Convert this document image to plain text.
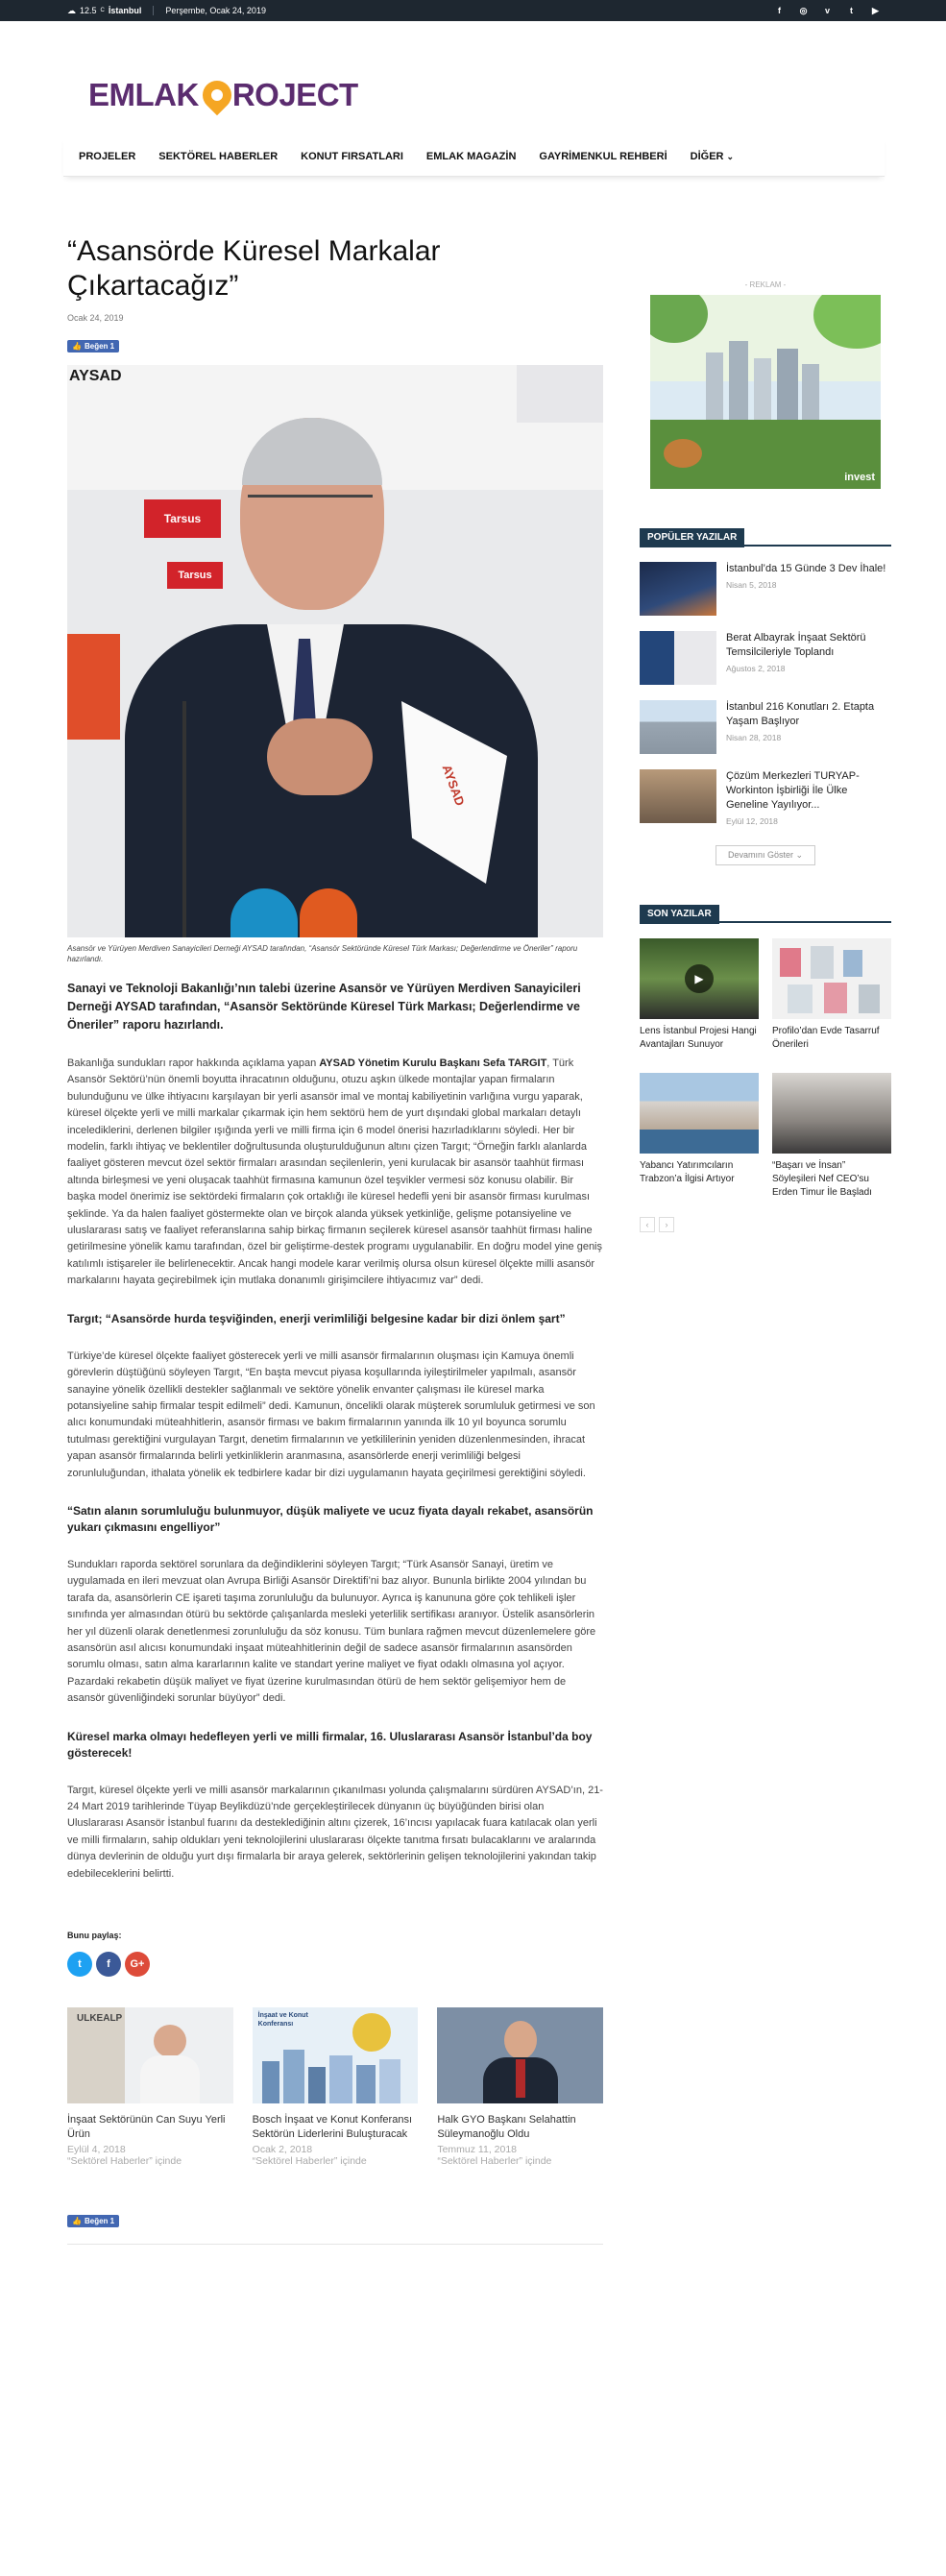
☁ 12.5 C İstanbul	Perşembe, Ocak 24, 2019	f	◎	v	t	▶
EMLAK ROJECT
PROJELER SEKTÖREL HABERLER KONUT FIRSATLARI EMLAK MAGAZİN GAYRİMENKUL REHBERİ DİĞER ⌄
“Asansörde Küresel Markalar Çıkartacağız”
Ocak 24, 2019
👍 Beğen 1
AYSAD
Tarsus
Tarsus
AYSAD
Asansör ve Yürüyen Merdiven Sanayicileri Derneği AYSAD tarafından, “Asansör Sektöründe Küresel Türk Markası; Değerlendirme ve Öneriler” raporu hazırlandı.

Sanayi ve Teknoloji Bakanlığı’nın talebi üzerine Asansör ve Yürüyen Merdiven Sanayicileri Derneği AYSAD tarafından, “Asansör Sektöründe Küresel Türk Markası; Değerlendirme ve Öneriler” raporu hazırlandı.

Bakanlığa sundukları rapor hakkında açıklama yapan AYSAD Yönetim Kurulu Başkanı Sefa TARGIT, Türk Asansör Sektörü’nün önemli boyutta ihracatının olduğunu, otuzu aşkın ülkede montajlar yapan firmaların bulunduğunu ve ülke ihtiyacını karşılayan bir yerli asansör imal ve montaj kabiliyetinin varlığına vurgu yaparak, küresel ölçekte yerli ve milli markalar çıkarmak için hem sektörü hem de yurt dışındaki global markaları detaylı incelediklerini, derlenen bilgiler ışığında yerli ve milli firma için 6 model önerisi hazırladıklarını söyledi. Her bir modelin, farklı ihtiyaç ve beklentiler doğrultusunda oluşturulduğunun altını çizen Targıt; “Örneğin farklı alanlarda faaliyet gösteren mevcut özel sektör firmaları arasından seçilenlerin, yeni kurulacak bir asansör taahhüt firması altında birleşmesi ve yeni oluşacak taahhüt firmasına kamunun özel teşvikler vermesi söz konusu olabilir. Bir başka model önerimiz ise sektördeki firmaların çok ortaklığı ile küresel hedefli yeni bir asansör firması kurulması şeklinde. Ya da halen faaliyet göstermekte olan ve birçok alanda yüksek yetkinliğe, gelişme potansiyeline ve uluslararası satış ve faaliyet referanslarına sahip birkaç firmanın seçilerek küresel asansör taahhüt firması haline getirilmesine yönelik kamu tarafından, özel bir geliştirme-destek programı uygulanabilir. En doğru model yine geniş katılımlı istişareler ile belirlenecektir. Ancak hangi modele karar verilmiş olursa olsun küresel ölçekte milli asansör markalarını hayata geçirebilmek için mutlaka donanımlı girişimcilere ihtiyacımız var” dedi.

Targıt; “Asansörde hurda teşviğinden, enerji verimliliği belgesine kadar bir dizi önlem şart”

Türkiye’de küresel ölçekte faaliyet gösterecek yerli ve milli asansör firmalarının oluşması için Kamuya önemli görevlerin düştüğünü söyleyen Targıt, “En başta mevcut piyasa koşullarında iyileştirilmeler yapılmalı, asansör sanayine yönelik özellikli destekler sağlanmalı ve sektöre yönelik envanter çalışması ile küresel marka potansiyeline sahip firmalar tespit edilmeli” dedi. Kamunun, öncelikli olarak müşterek sorumluluk getirmesi ve son alıcı konumundaki müteahhitlerin, asansör firması ve bakım firmalarının yanında ilk 10 yıl boyunca sorumlu tutulması gerektiğini vurgulayan Targıt, denetim firmalarının ve yetkililerinin yeniden düzenlenmesinden, ihracat yapan asansör firmalarında belirli yetkinliklerin aranmasına, asansörlerde enerji verimliliği belgesi zorunluluğundan, ithalata yönelik ek tedbirlere kadar bir dizi uygulamanın hayata geçirilmesi gerektiğini söyledi.

“Satın alanın sorumluluğu bulunmuyor, düşük maliyete ve ucuz fiyata dayalı rekabet, asansörün yukarı çıkmasını engelliyor”

Sundukları raporda sektörel sorunlara da değindiklerini söyleyen Targıt; “Türk Asansör Sanayi, üretim ve uygulamada en ileri mevzuat olan Avrupa Birliği Asansör Direktifi’ni baz alıyor. Bununla birlikte 2004 yılından bu tarafa da, asansörlerin CE işareti taşıma zorunluluğu da bulunuyor. Ayrıca iş kanununa göre çok tehlikeli işler sınıfında yer almasından ötürü bu sektörde çalışanlarda mesleki yeterlilik sertifikası aranıyor. Üstelik asansörlerin her yıl düzenli olarak denetlenmesi zorunluluğu da söz konusu. Tüm bunlara rağmen mevcut düzenlemelere göre asansörün asıl alıcısı konumundaki inşaat müteahhitlerinin değil de sadece asansör firmalarının asansörden sorumlu olması, satın alma kararlarının kalite ve standart yerine maliyet ve fiyat odaklı olmasına yol açıyor. Pazardaki rekabetin düşük maliyet ve fiyat üzerine kurulmasından ötürü de hem sektör gelişemiyor hem de asansör güvenliğindeki sorunlar büyüyor” dedi.

Küresel marka olmayı hedefleyen yerli ve milli firmalar, 16. Uluslararası Asansör İstanbul’da boy gösterecek!

Targıt, küresel ölçekte yerli ve milli asansör markalarının çıkanılması yolunda çalışmalarını sürdüren AYSAD’ın, 21-24 Mart 2019 tarihlerinde Tüyap Beylikdüzü’nde gerçekleştirilecek dünyanın üç büyüğünden birisi olan Uluslararası Asansör İstanbul fuarını da desteklediğinin altını çizerek, 16’ıncısı yapılacak fuara katılacak olan yerli ve milli firmaların, sahip oldukları yeni teknolojilerini uluslararası ölçekte tanıtma fırsatı bulacaklarını ve aralarında dünya devlerinin de olduğu yurt dışı firmalarla bir araya gelerek, sektörlerinin gelişen teknolojilerini yakından takip edebileceklerini belirtti.

Bunu paylaş:
t	f	G+
ULKEALP
İnşaat Sektörünün Can Suyu Yerli Ürün
Eylül 4, 2018
“Sektörel Haberler” içinde
İnşaat ve Konut
Konferansı
Bosch İnşaat ve Konut Konferansı Sektörün Liderlerini Buluşturacak
Ocak 2, 2018
“Sektörel Haberler” içinde
Halk GYO Başkanı Selahattin Süleymanoğlu Oldu
Temmuz 11, 2018
“Sektörel Haberler” içinde
👍 Beğen 1
- REKLAM -
invest
POPÜLER YAZILAR
İstanbul’da 15 Günde 3 Dev İhale!
Nisan 5, 2018
Berat Albayrak İnşaat Sektörü Temsilcileriyle Toplandı
Ağustos 2, 2018
İstanbul 216 Konutları 2. Etapta Yaşam Başlıyor
Nisan 28, 2018
Çözüm Merkezleri TURYAP-Workinton İşbirliği İle Ülke Geneline Yayılıyor...
Eylül 12, 2018
Devamını Göster ⌄
SON YAZILAR
▶
Lens İstanbul Projesi Hangi Avantajları Sunuyor
Profilo’dan Evde Tasarruf Önerileri
Yabancı Yatırımcıların Trabzon’a İlgisi Artıyor
“Başarı ve İnsan” Söyleşileri Nef CEO’su Erden Timur İle Başladı
‹	›
